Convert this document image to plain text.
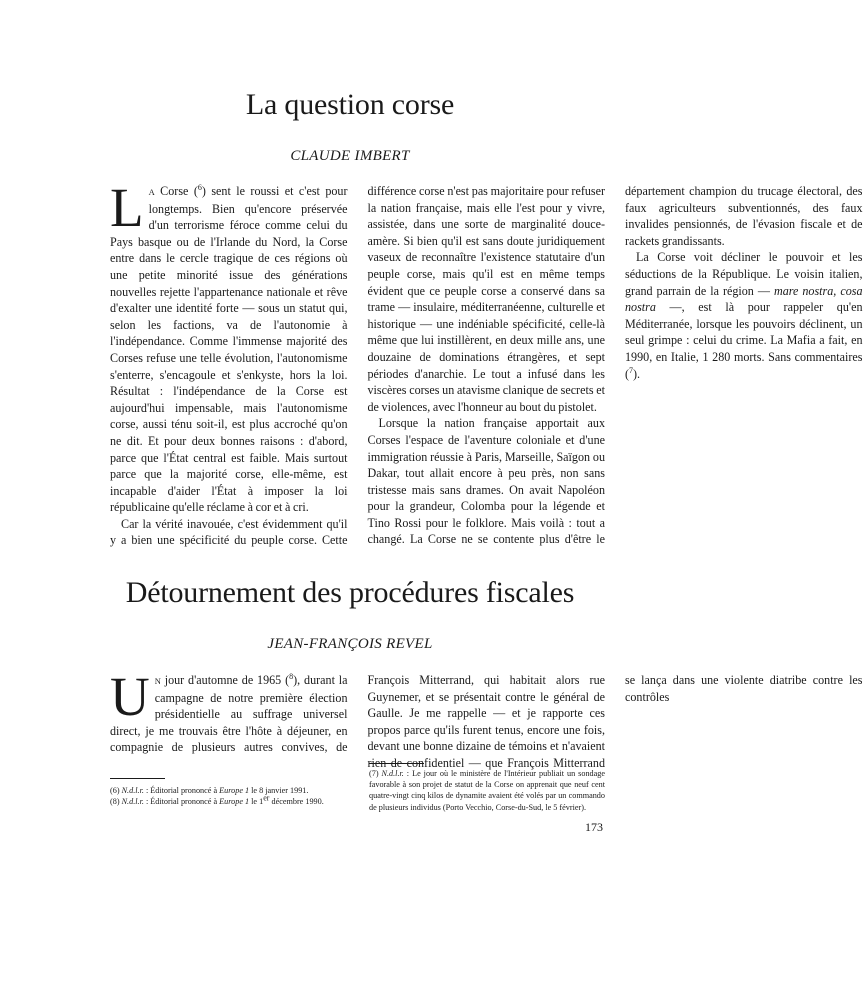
La question corse
CLAUDE IMBERT

LA Corse ($^6$) sent le roussi et c'est pour longtemps. Bien qu'encore préservée d'un terrorisme féroce comme celui du Pays basque ou de l'Irlande du Nord, la Corse entre dans le cercle tragique de ces régions où une petite minorité issue des générations nouvelles rejette l'appartenance nationale et rêve d'exalter une identité forte — sous un statut qui, selon les factions, va de l'autonomie à l'indépendance. Comme l'immense majorité des Corses refuse une telle évolution, l'autonomisme s'enterre, s'encagoule et s'enkyste, hors la loi. Résultat : l'indépendance de la Corse est aujourd'hui impensable, mais l'autonomisme corse, aussi ténu soit-il, est plus accroché qu'on ne dit. Et pour deux bonnes raisons : d'abord, parce que l'État central est faible. Mais surtout parce que la majorité corse, elle-même, est incapable d'aider l'État à imposer la loi républicaine qu'elle réclame à cor et à cri.

Car la vérité inavouée, c'est évidemment qu'il y a bien une spécificité du peuple corse. Cette différence corse n'est pas majoritaire pour refuser la nation française, mais elle l'est pour y vivre, assistée, dans une sorte de marginalité douce-amère. Si bien qu'il est sans doute juridiquement vaseux de reconnaître l'existence statutaire d'un peuple corse, mais qu'il est en même temps évident que ce peuple corse a conservé dans sa trame — insulaire, méditerranéenne, culturelle et historique — une indéniable spécificité, celle-là même que lui instillèrent, en deux mille ans, une douzaine de dominations étrangères, et sept périodes d'anarchie. Le tout a infusé dans les viscères corses un atavisme clanique de secrets et de violences, avec l'honneur au bout du pistolet.

Lorsque la nation française apportait aux Corses l'espace de l'aventure coloniale et d'une immigration réussie à Paris, Marseille, Saïgon ou Dakar, tout allait encore à peu près, non sans tristesse mais sans drames. On avait Napoléon pour la grandeur, Colomba pour la légende et Tino Rossi pour le folklore. Mais voilà : tout a changé. La Corse ne se contente plus d'être le département champion du trucage électoral, des faux agriculteurs subventionnés, des faux invalides pensionnés, de l'évasion fiscale et de rackets grandissants.

La Corse voit décliner le pouvoir et les séductions de la République. Le voisin italien, grand parrain de la région — mare nostra, cosa nostra —, est là pour rappeler qu'en Méditerranée, lorsque les pouvoirs déclinent, un seul grimpe : celui du crime. La Mafia a fait, en 1990, en Italie, 1 280 morts. Sans commentaires ($^7$).

Détournement des procédures fiscales
JEAN-FRANÇOIS REVEL

UN jour d'automne de 1965 ($^8$), durant la campagne de notre première élection présidentielle au suffrage universel direct, je me trouvais être l'hôte à déjeuner, en compagnie de plusieurs autres convives, de François Mitterrand, qui habitait alors rue Guynemer, et se présentait contre le général de Gaulle. Je me rappelle — et je rapporte ces propos parce qu'ils furent tenus, encore une fois, devant une bonne dizaine de témoins et n'avaient rien de confidentiel — que François Mitterrand se lança dans une violente diatribe contre les contrôles

(6) N.d.l.r. : Éditorial prononcé à Europe 1 le 8 janvier 1991.

(8) N.d.l.r. : Éditorial prononcé à Europe 1 le 1er décembre 1990.

(7) N.d.l.r. : Le jour où le ministère de l'Intérieur publiait un sondage favorable à son projet de statut de la Corse on apprenait que neuf cent quatre-vingt cinq kilos de dynamite avaient été volés par un commando de plusieurs individus (Porto Vecchio, Corse-du-Sud, le 5 février).

173
